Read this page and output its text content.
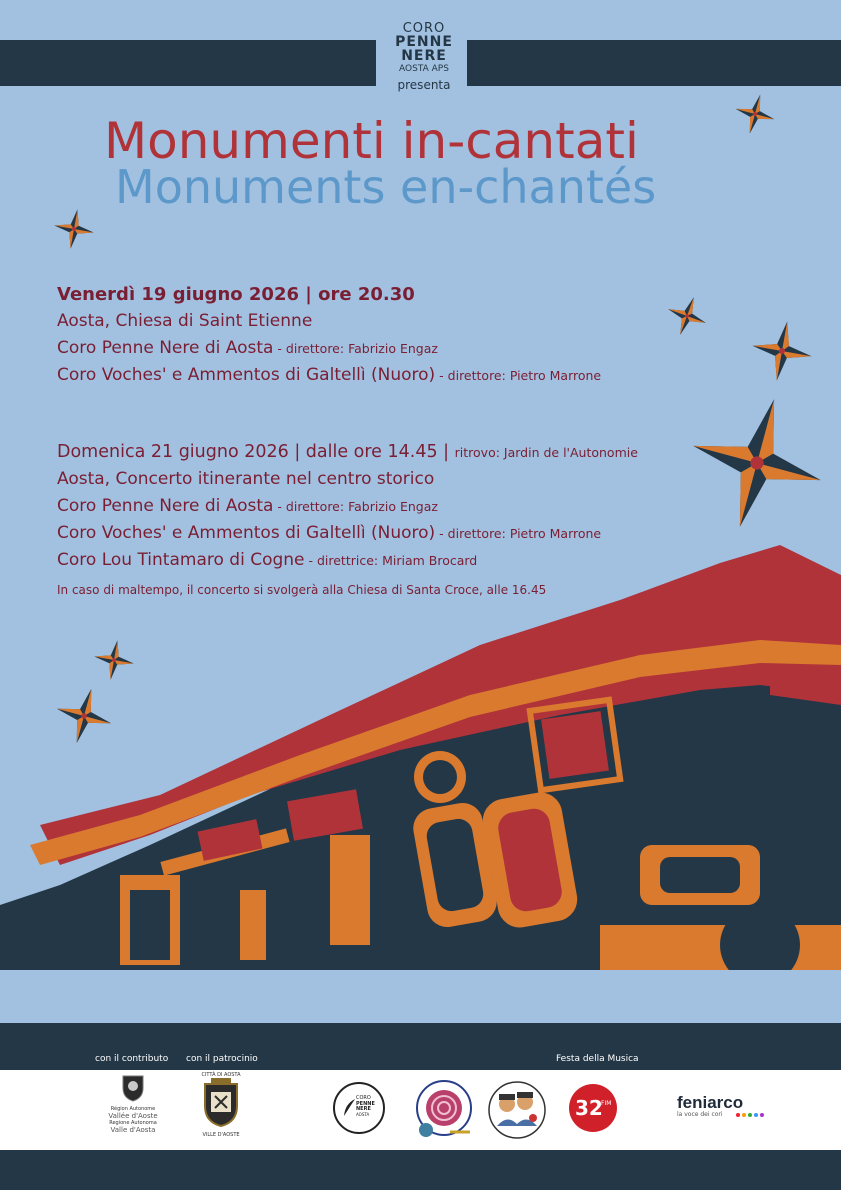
CORO
PENNE
NERE
AOSTA APS
presenta
Monumenti in-cantati
Monuments en-chantés
Venerdì 19 giugno 2026 | ore 20.30
Aosta, Chiesa di Saint Etienne
Coro Penne Nere di Aosta - direttore: Fabrizio Engaz
Coro Voches' e Ammentos di Galtellì (Nuoro) - direttore: Pietro Marrone
Domenica 21 giugno 2026 | dalle ore 14.45 | ritrovo: Jardin de l'Autonomie
Aosta, Concerto itinerante nel centro storico
Coro Penne Nere di Aosta - direttore: Fabrizio Engaz
Coro Voches' e Ammentos di Galtellì (Nuoro) - direttore: Pietro Marrone
Coro Lou Tintamaro di Cogne - direttrice: Miriam Brocard
In caso di maltempo, il concerto si svolgerà alla Chiesa di Santa Croce, alle 16.45
con il contributo con il patrocinio	Festa della Musica
Région Autonome
Vallée d'Aoste
Regione Autonoma
Valle d'Aosta
CITTÀ DI AOSTA
VILLE D'AOSTE
CORO
PENNE
NERE
AOSTA	32
FIM	feniarco
la voce dei cori
